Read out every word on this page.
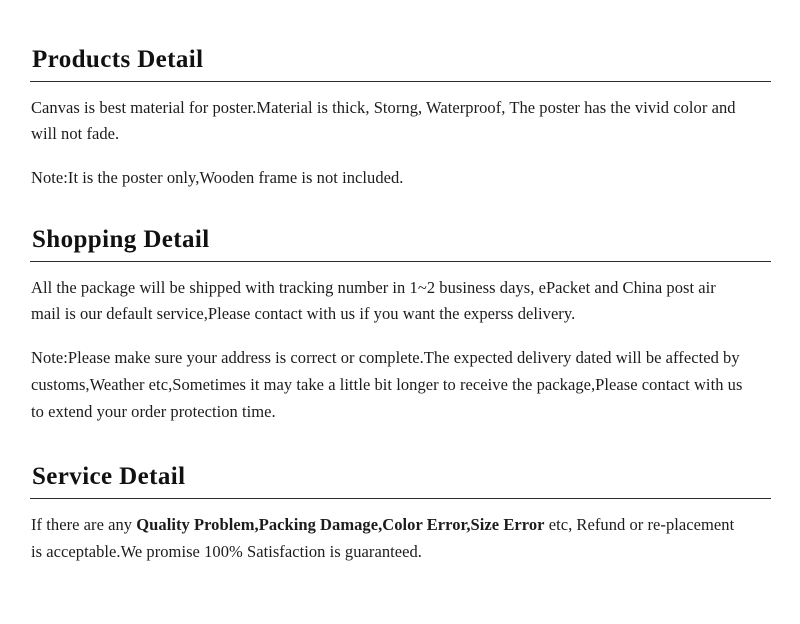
Products Detail

Canvas is best material for poster.Material is thick, Storng, Waterproof, The poster has the vivid color and will not fade.

Note:It is the poster only,Wooden frame is not included.

Shopping Detail

All the package will be shipped with tracking number in 1~2 business days, ePacket and China post air mail is our default service,Please contact with us if you want the experss delivery.

Note:Please make sure your address is correct or complete.The expected delivery dated will be affected by customs,Weather etc,Sometimes it may take a little bit longer to receive the package,Please contact with us to extend your order protection time.

Service Detail

If there are any Quality Problem,Packing Damage,Color Error,Size Error etc, Refund or re-placement is acceptable.We promise 100% Satisfaction is guaranteed.
